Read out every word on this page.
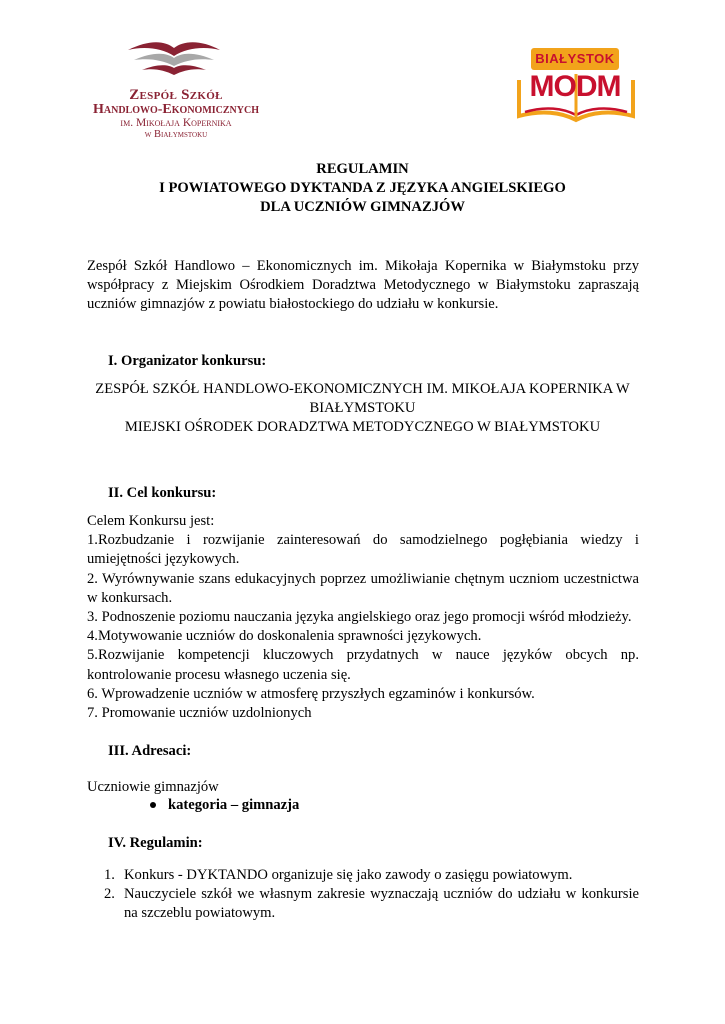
Zespół Szkół
Handlowo-Ekonomicznych
im. Mikołaja Kopernika
w Białymstoku
BIAŁYSTOK
MODM
REGULAMIN
I POWIATOWEGO DYKTANDA Z JĘZYKA ANGIELSKIEGO
DLA UCZNIÓW GIMNAZJÓW
Zespół Szkół Handlowo – Ekonomicznych im. Mikołaja Kopernika w Białymstoku przy
współpracy z Miejskim Ośrodkiem Doradztwa Metodycznego w Białymstoku zapraszają
uczniów gimnazjów z powiatu białostockiego do udziału w konkursie.
I. Organizator konkursu:
ZESPÓŁ SZKÓŁ HANDLOWO-EKONOMICZNYCH IM. MIKOŁAJA KOPERNIKA W
BIAŁYMSTOKU
MIEJSKI OŚRODEK DORADZTWA METODYCZNEGO W BIAŁYMSTOKU
II. Cel konkursu:
Celem Konkursu jest:
1.Rozbudzanie i rozwijanie zainteresowań do samodzielnego pogłębiania wiedzy i
umiejętności językowych.
2. Wyrównywanie szans edukacyjnych poprzez umożliwianie chętnym uczniom uczestnictwa
w konkursach.
3. Podnoszenie poziomu nauczania języka angielskiego oraz jego promocji wśród młodzieży.
4.Motywowanie uczniów do doskonalenia sprawności językowych.
5.Rozwijanie kompetencji kluczowych przydatnych w nauce języków obcych np.
kontrolowanie procesu własnego uczenia się.
6. Wprowadzenie uczniów w atmosferę przyszłych egzaminów i konkursów.
7. Promowanie uczniów uzdolnionych
III. Adresaci:
Uczniowie gimnazjów
kategoria – gimnazja
IV. Regulamin:
1. Konkurs - DYKTANDO organizuje się jako zawody o zasięgu powiatowym.
2. Nauczyciele szkół we własnym zakresie wyznaczają uczniów do udziału w konkursie
na szczeblu powiatowym.
